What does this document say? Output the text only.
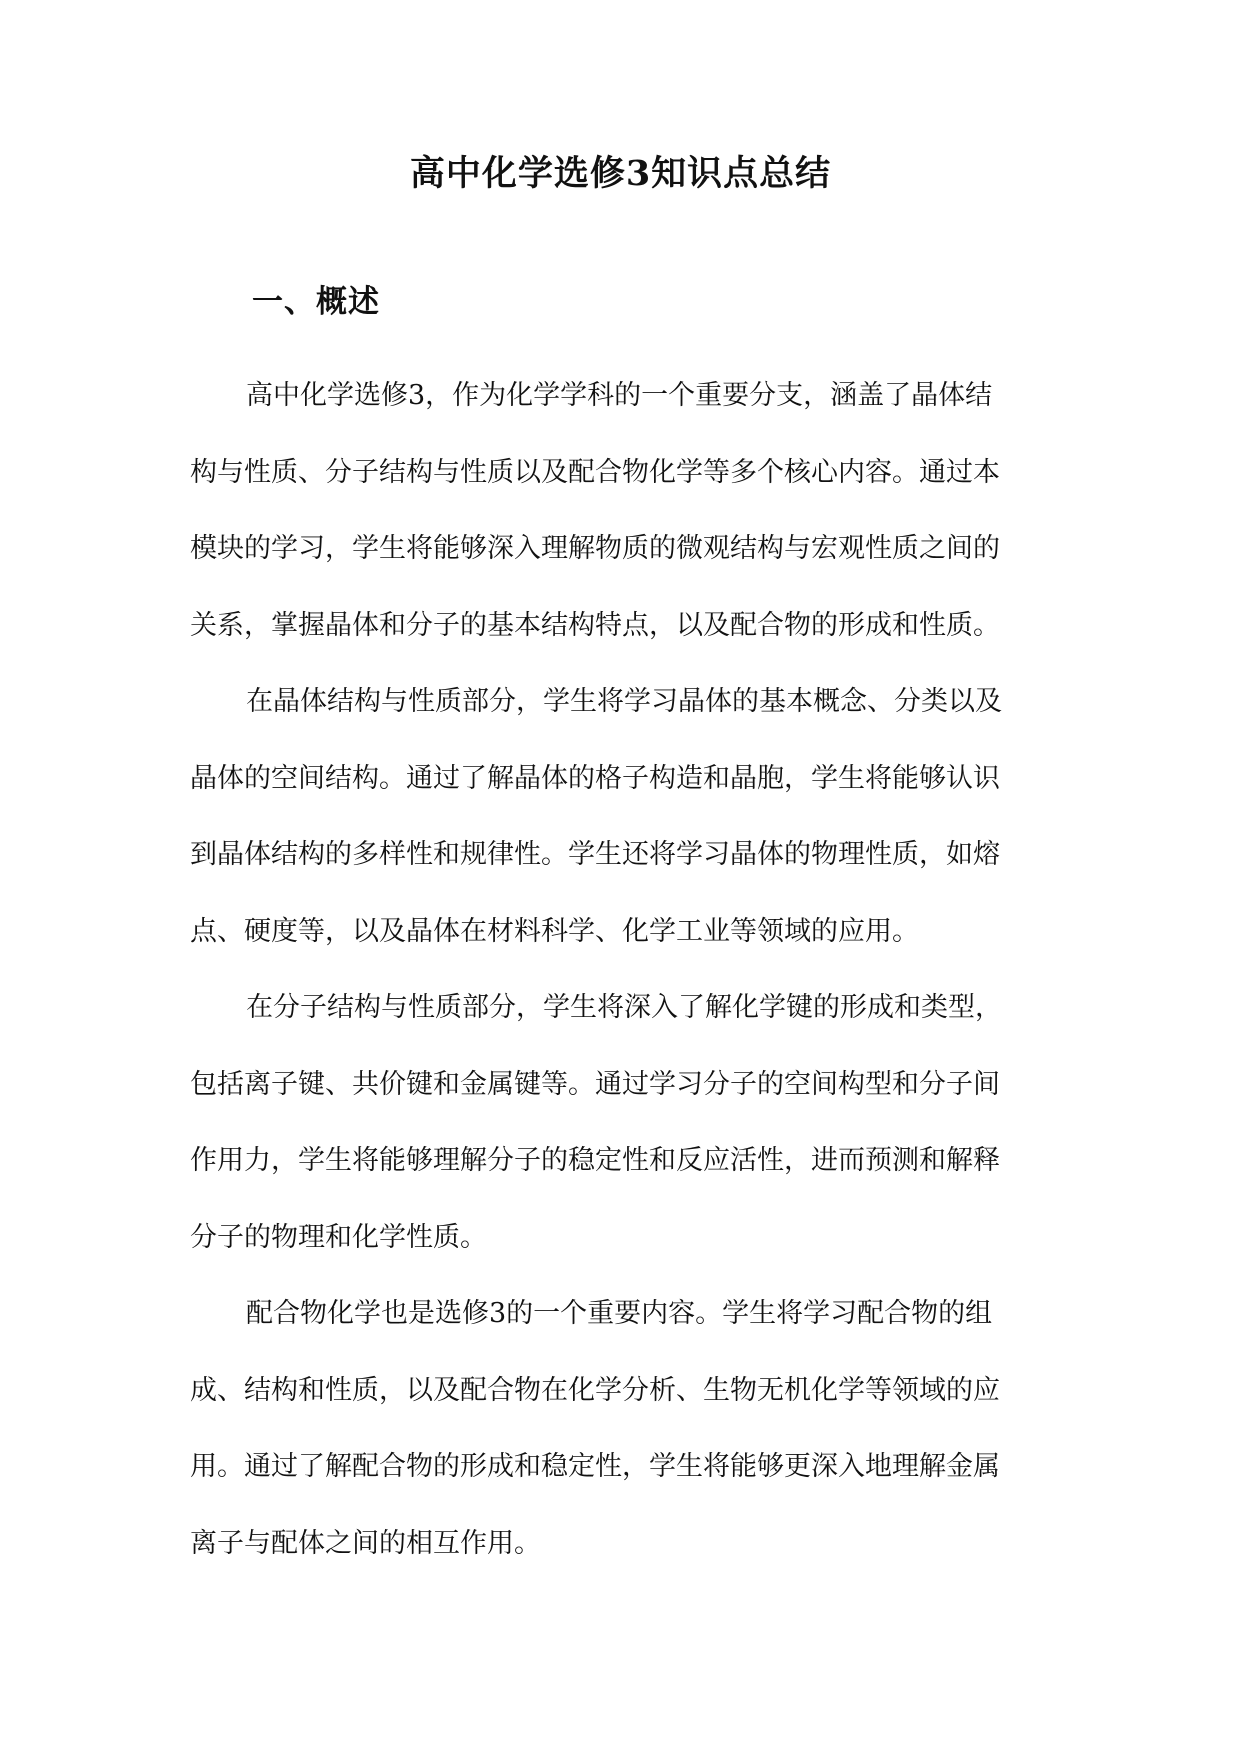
高中化学选修3知识点总结
一、概述
高中化学选修3，作为化学学科的一个重要分支，涵盖了晶体结
构与性质、分子结构与性质以及配合物化学等多个核心内容。通过本
模块的学习，学生将能够深入理解物质的微观结构与宏观性质之间的
关系，掌握晶体和分子的基本结构特点，以及配合物的形成和性质。
在晶体结构与性质部分，学生将学习晶体的基本概念、分类以及
晶体的空间结构。通过了解晶体的格子构造和晶胞，学生将能够认识
到晶体结构的多样性和规律性。学生还将学习晶体的物理性质，如熔
点、硬度等，以及晶体在材料科学、化学工业等领域的应用。
在分子结构与性质部分，学生将深入了解化学键的形成和类型，
包括离子键、共价键和金属键等。通过学习分子的空间构型和分子间
作用力，学生将能够理解分子的稳定性和反应活性，进而预测和解释
分子的物理和化学性质。
配合物化学也是选修3的一个重要内容。学生将学习配合物的组
成、结构和性质，以及配合物在化学分析、生物无机化学等领域的应
用。通过了解配合物的形成和稳定性，学生将能够更深入地理解金属
离子与配体之间的相互作用。
